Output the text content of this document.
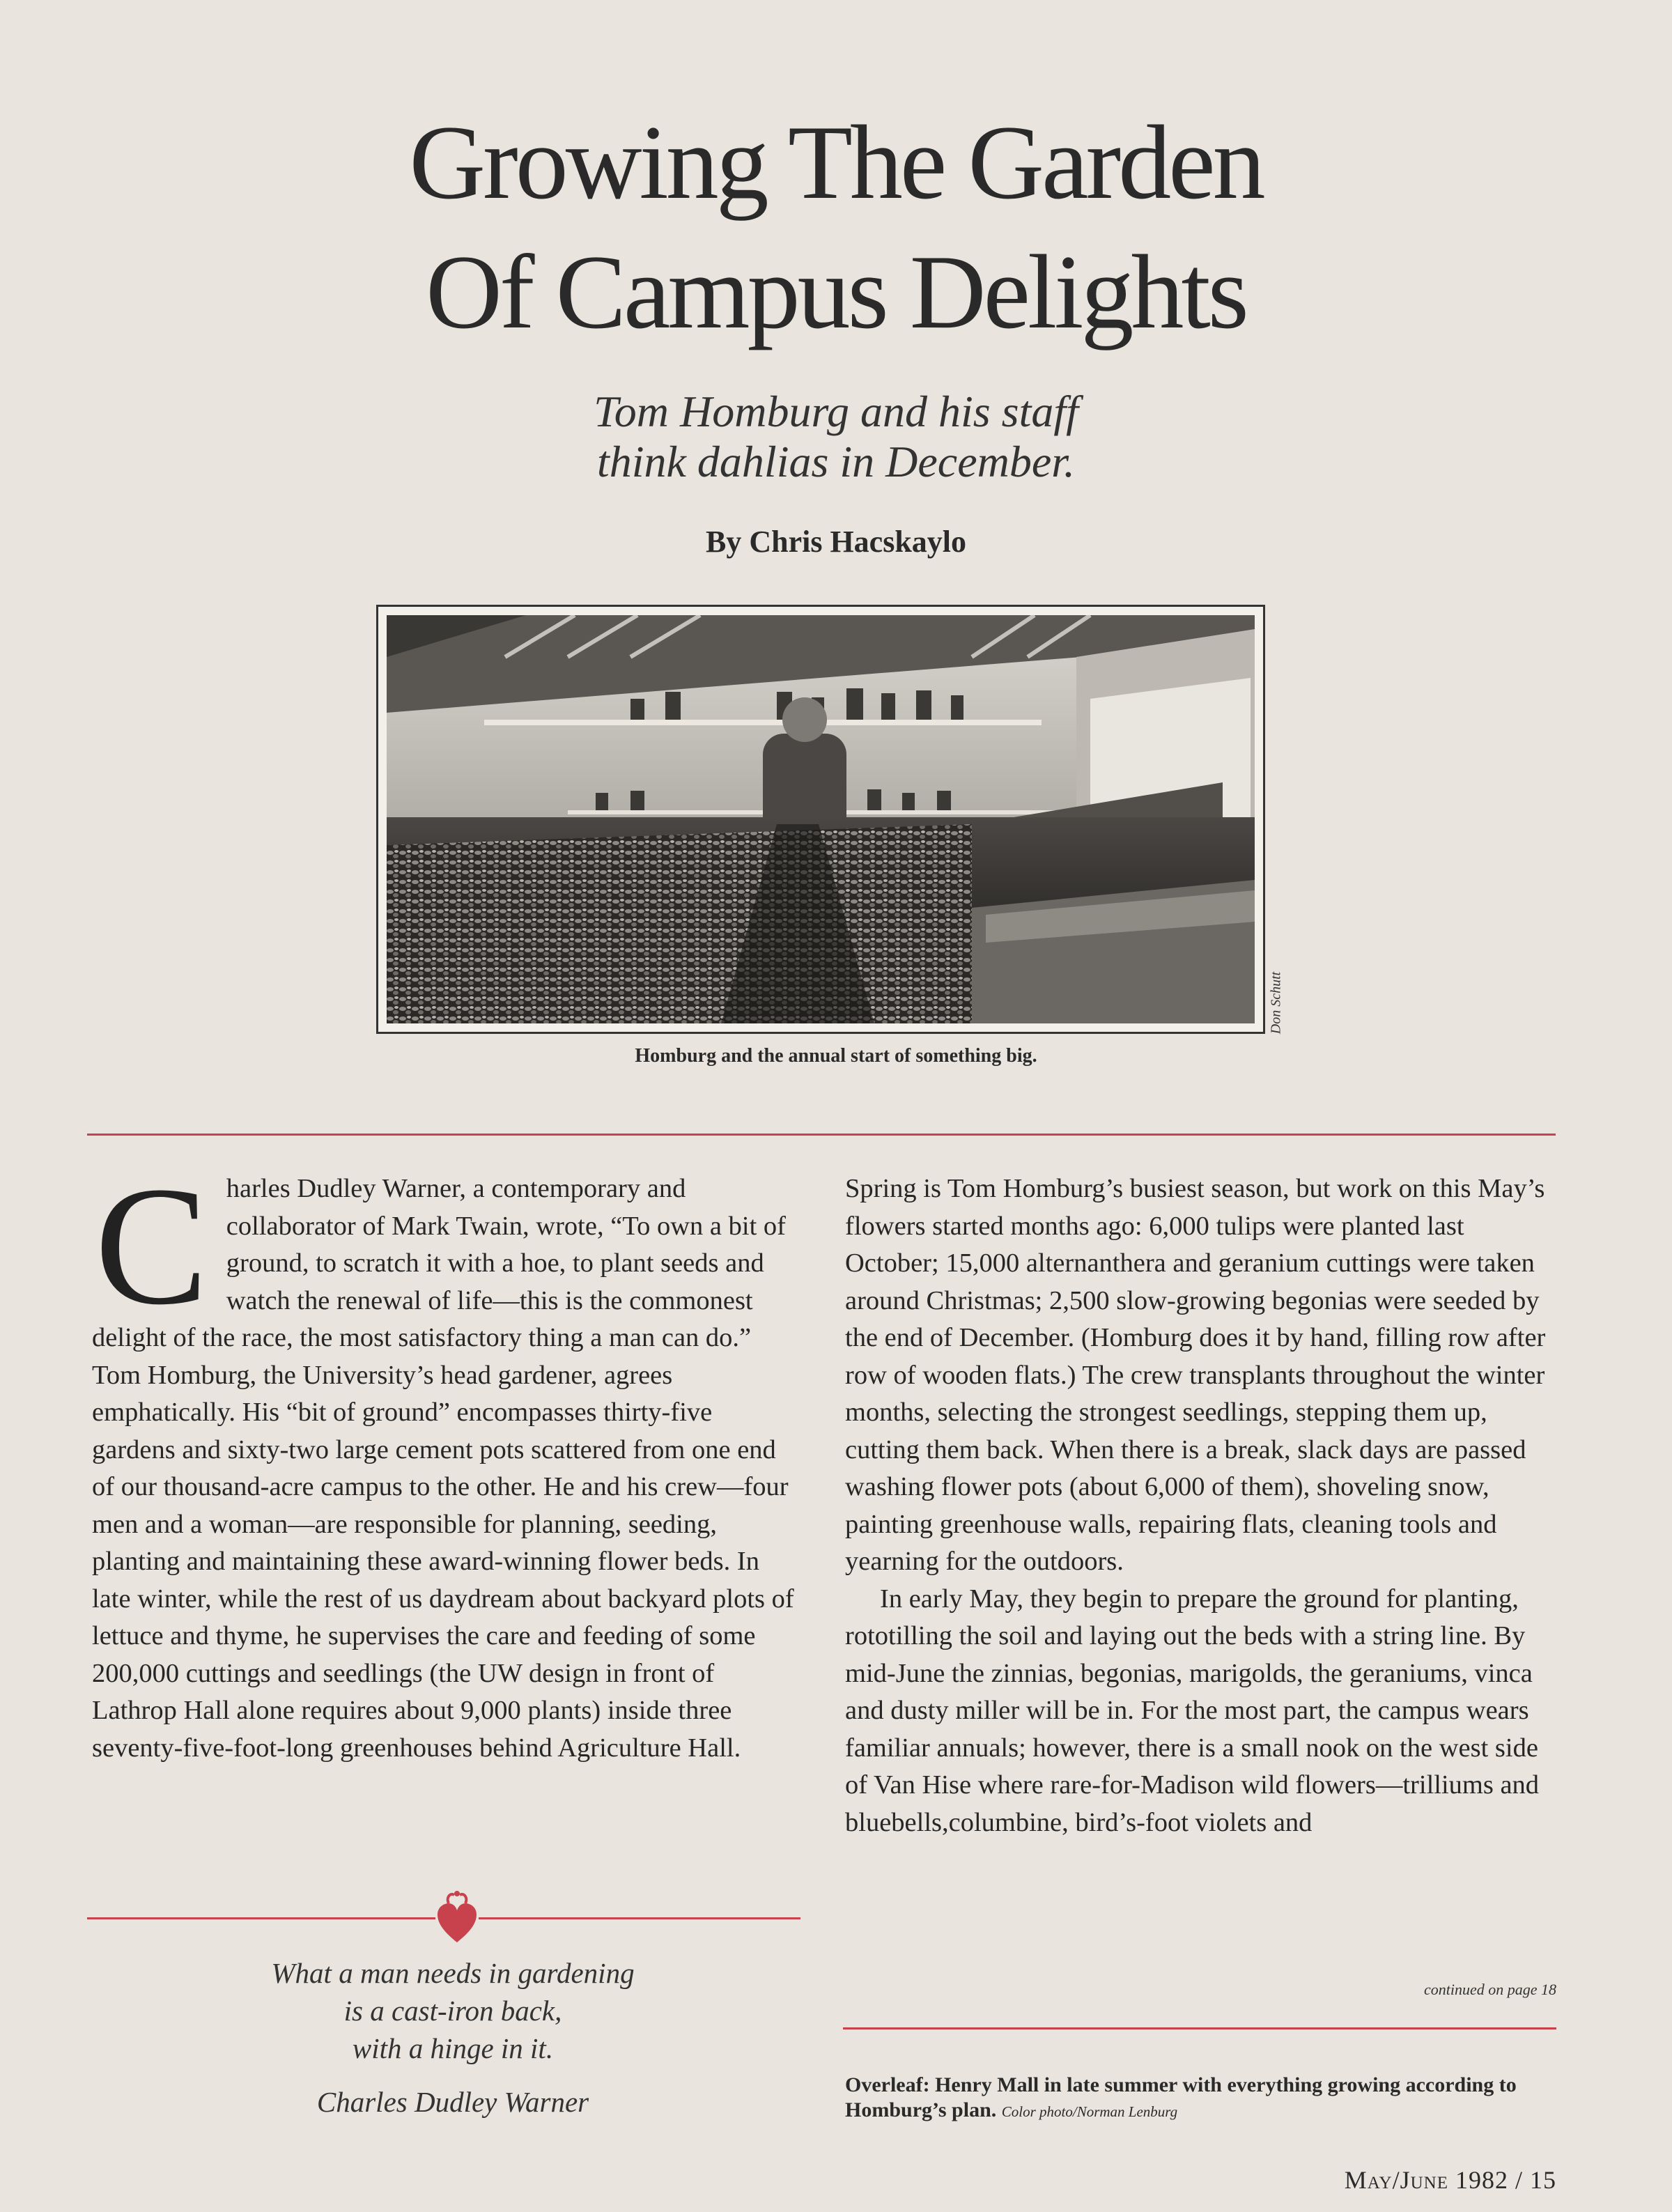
Growing The Garden
Of Campus Delights
Tom Homburg and his staff
think dahlias in December.
By Chris Hacskaylo
Don Schutt
Homburg and the annual start of something big.

Charles Dudley Warner, a contemporary and collaborator of Mark Twain, wrote, “To own a bit of ground, to scratch it with a hoe, to plant seeds and watch the renewal of life—this is the commonest delight of the race, the most satisfactory thing a man can do.” Tom Homburg, the University’s head gardener, agrees emphatically. His “bit of ground” encompasses thirty-five gardens and sixty-two large cement pots scattered from one end of our thousand-acre campus to the other. He and his crew—four men and a woman—are responsible for planning, seeding, planting and maintaining these award-winning flower beds. In late winter, while the rest of us daydream about backyard plots of lettuce and thyme, he supervises the care and feeding of some 200,000 cuttings and seedlings (the UW design in front of Lathrop Hall alone requires about 9,000 plants) inside three seventy-five-foot-long greenhouses behind Agriculture Hall.

Spring is Tom Homburg’s busiest season, but work on this May’s flowers started months ago: 6,000 tulips were planted last October; 15,000 alternanthera and geranium cuttings were taken around Christmas; 2,500 slow-growing begonias were seeded by the end of December. (Homburg does it by hand, filling row after row of wooden flats.) The crew transplants throughout the winter months, selecting the strongest seedlings, stepping them up, cutting them back. When there is a break, slack days are passed washing flower pots (about 6,000 of them), shoveling snow, painting greenhouse walls, repairing flats, cleaning tools and yearning for the outdoors.

In early May, they begin to prepare the ground for planting, rototilling the soil and laying out the beds with a string line. By mid-June the zinnias, begonias, marigolds, the geraniums, vinca and dusty miller will be in. For the most part, the campus wears familiar annuals; however, there is a small nook on the west side of Van Hise where rare-for-Madison wild flowers—trilliums and bluebells,columbine, bird’s-foot violets and

What a man needs in gardening
is a cast-iron back,
with a hinge in it.
Charles Dudley Warner
continued on page 18
Overleaf: Henry Mall in late summer with everything growing according to Homburg’s plan. Color photo/Norman Lenburg
May/June 1982 / 15
